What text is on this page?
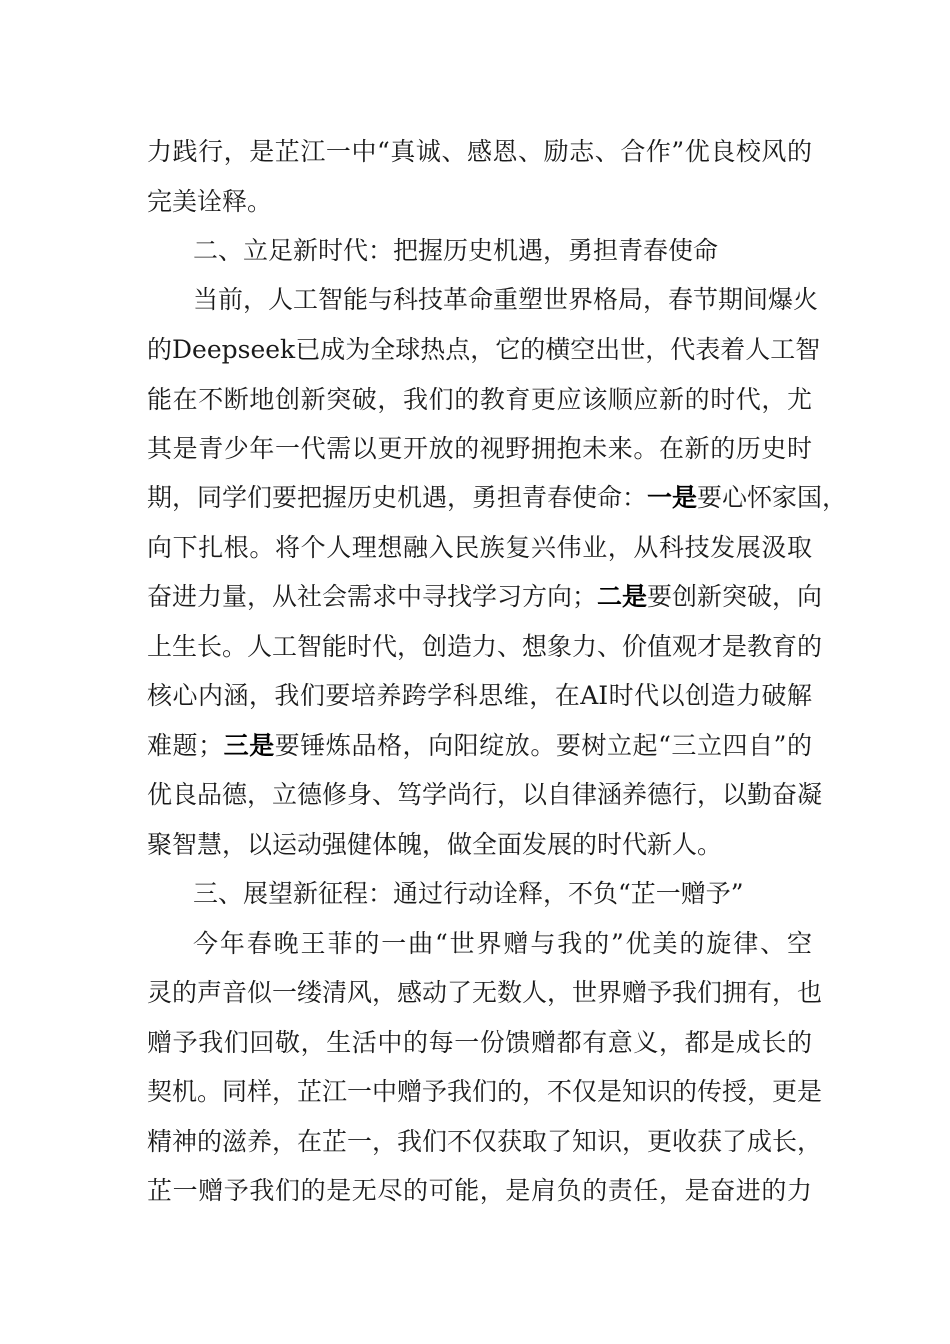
力践行，是芷江一中“真诚、感恩、励志、合作”优良校风的
完美诠释。
二、立足新时代：把握历史机遇，勇担青春使命
当前，人工智能与科技革命重塑世界格局，春节期间爆火
的Deepseek已成为全球热点，它的横空出世，代表着人工智
能在不断地创新突破，我们的教育更应该顺应新的时代，尤
其是青少年一代需以更开放的视野拥抱未来。在新的历史时
期，同学们要把握历史机遇，勇担青春使命：一是要心怀家国，
向下扎根。将个人理想融入民族复兴伟业，从科技发展汲取
奋进力量，从社会需求中寻找学习方向；二是要创新突破，向
上生长。人工智能时代，创造力、想象力、价值观才是教育的
核心内涵，我们要培养跨学科思维，在AI时代以创造力破解
难题；三是要锤炼品格，向阳绽放。要树立起“三立四自”的
优良品德，立德修身、笃学尚行，以自律涵养德行，以勤奋凝
聚智慧，以运动强健体魄，做全面发展的时代新人。
三、展望新征程：通过行动诠释，不负“芷一赠予”
今年春晚王菲的一曲“世界赠与我的”优美的旋律、空
灵的声音似一缕清风，感动了无数人，世界赠予我们拥有，也
赠予我们回敬，生活中的每一份馈赠都有意义，都是成长的
契机。同样，芷江一中赠予我们的，不仅是知识的传授，更是
精神的滋养，在芷一，我们不仅获取了知识，更收获了成长，
芷一赠予我们的是无尽的可能，是肩负的责任，是奋进的力
